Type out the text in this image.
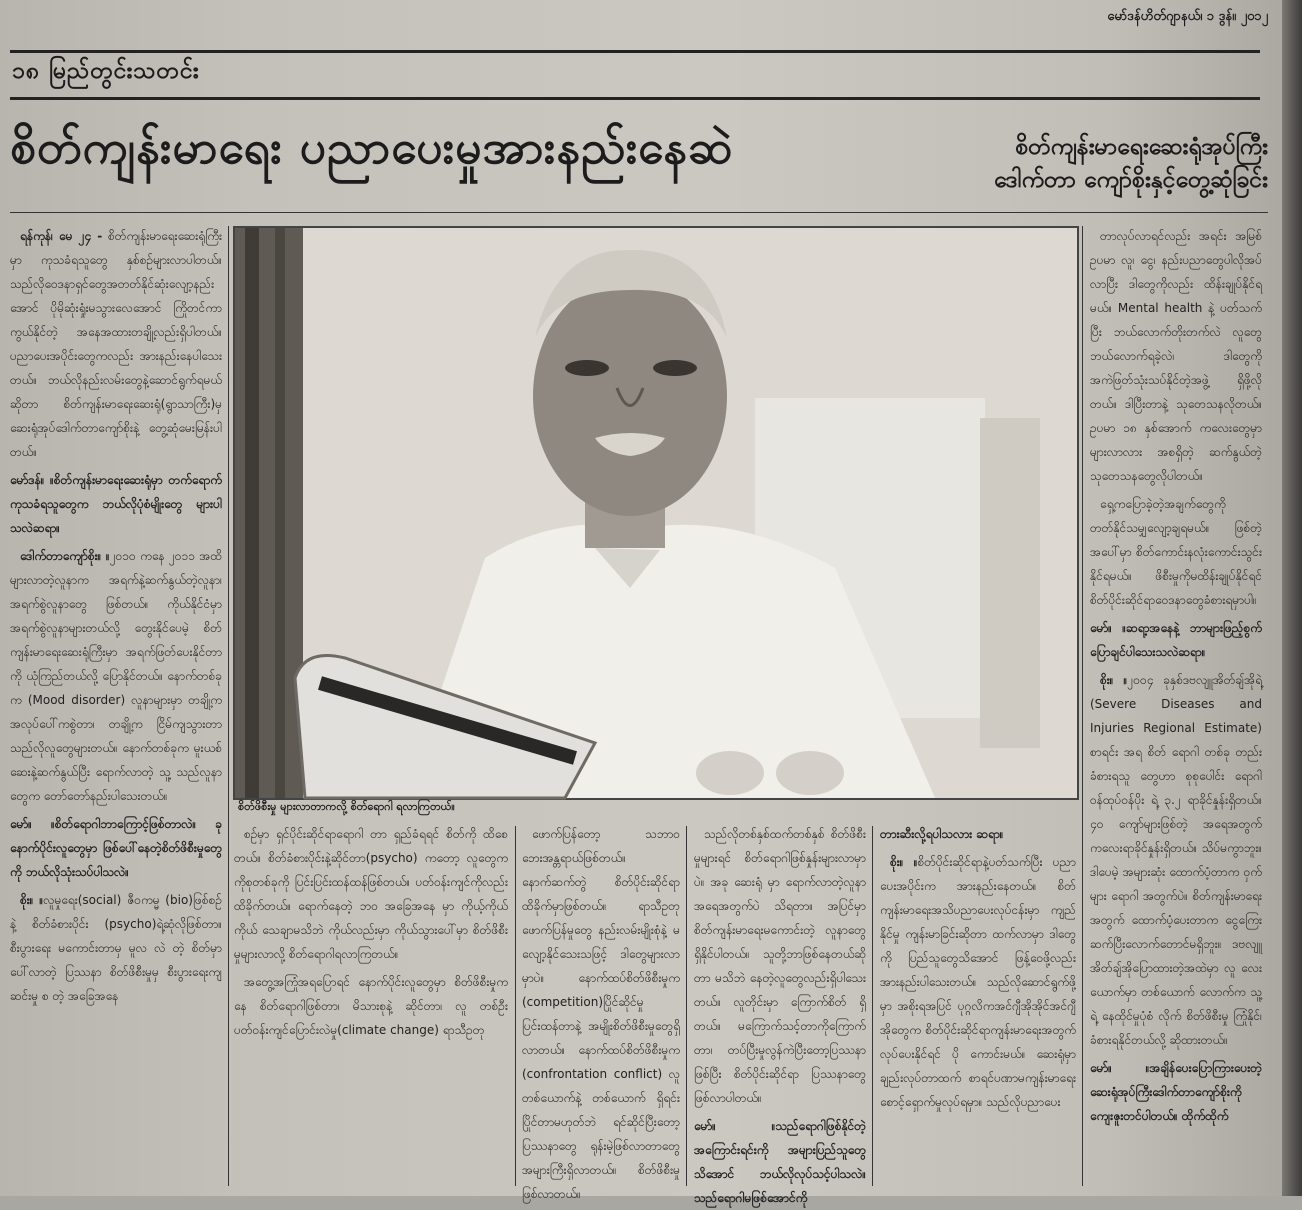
မော်ဒန်ဟိတ်ဂျာနယ်၊ ၁ ဒွန်။ ၂၀၁၂
၁၈ မြည်တွင်းသတင်း
စိတ်ကျန်းမာရေး ပညာပေးမှုအားနည်းနေဆဲ	စိတ်ကျန်းမာရေးဆေးရုံအုပ်ကြီး
ဒေါက်တာ ကျော်စိုးနှင့်တွေ့ဆုံခြင်း

ရန်ကုန်၊ မေ ၂၄ - စိတ်ကျန်းမာရေးဆေးရုံကြီးမှာ ကုသခံရသူတွေ နှစ်စဉ်များလာပါတယ်။ သည်လိုဝေဒနာရှင်တွေအတတ်နိုင်ဆုံးလျော့နည်းအောင် ပိုမိုဆုံးရှုံးမသွားလေအောင် ကြိုတင်ကာကွယ်နိုင်တဲ့ အနေအထားတချို့လည်းရှိပါတယ်။ ပညာပေးအပိုင်းတွေကလည်း အားနည်းနေပါသေးတယ်။ ဘယ်လိုနည်းလမ်းတွေနဲ့ဆောင်ရွက်ရမယ်ဆိုတာ စိတ်ကျန်းမာရေးဆေးရုံ(ရွာသာကြီး)မှ ဆေးရုံအုပ်ဒေါက်တာကျော်စိုးနဲ့ တွေ့ဆုံမေးမြန်းပါတယ်။

မော်ဒန်။ ။စိတ်ကျန်းမာရေးဆေးရုံမှာ တက်ရောက်ကုသခံရသူတွေက ဘယ်လိုပုံစံမျိုးတွေ များပါသလဲဆရာ။

ဒေါက်တာကျော်စိုး။ ။၂၀၁၀ ကနေ ၂၀၁၁ အထိများလာတဲ့လူနာက အရက်နဲ့ဆက်နွယ်တဲ့လူနာ၊ အရက်စွဲလူနာတွေ ဖြစ်တယ်။ ကိုယ်နိုင်ငံမှာ အရက်စွဲလူနာများတယ်လို့ တွေးနိုင်ပေမဲ့ စိတ်ကျန်းမာရေးဆေးရုံကြီးမှာ အရက်ဖြတ်ပေးနိုင်တာကို ယုံကြည်တယ်လို့ ပြောနိုင်တယ်။ နောက်တစ်ခုက (Mood disorder) လူနာများမှာ တချို့က အလုပ်ပေါ်ကစွဲတာ၊ တချို့က ငြိမ်ကျသွားတာ သည်လိုလူတွေများတယ်။ နောက်တစ်ခုက မူးယစ်ဆေးနဲ့ဆက်နွယ်ပြီး ရောက်လာတဲ့ သူ့ သည်လူနာတွေက တော်တော်နည်းပါသေးတယ်။

မော်။ ။စိတ်ရောဂါဘာကြောင့်ဖြစ်တာလဲ။ ခုနောက်ပိုင်းလူတွေမှာ ဖြစ်ပေါ်နေတဲ့စိတ်ဖိစီးမှုတွေကို ဘယ်လိုသုံးသပ်ပါသလဲ။

စိုး။ ။လူမှုရေး(social) ဇီဝကမ္မ (bio)ဖြစ်စဉ်နဲ့ စိတ်ခံစားပိုင်း (psycho)ရဲ့ဆုံလိုဖြစ်တာ။ စီးပွားရေး မကောင်းတာမှ မူလ လဲ တဲ့ စိတ်မှာ ပေါ်လာတဲ့ ပြဿနာ စိတ်ဖိစီးမှုမှ စီးပွားရေးကျဆင်းမှု စ တဲ့ အခြေအနေ

စိတ်ဖိစီးမှု များလာတာကလို့ စိတ်ရောဂါ ရလာကြတယ်။

စဉ်မှာ ရှင်ပိုင်းဆိုင်ရာရောဂါ တာ ရှည်ခံရရင် စိတ်ကို ထိစေတယ်။ စိတ်ခံစားပိုင်းနဲ့ဆိုင်တာ(psycho) ကတော့ လူတွေက ကိုစုတစ်ခုကို ပြင်းပြင်းထန်ထန်ဖြစ်တယ်။ ပတ်ဝန်းကျင်ကိုလည်း ထိခိုက်တယ်။ ရောက်နေတဲ့ ဘဝ အခြေအနေ မှာ ကိုယ့်ကိုယ်ကိုယ် သေချာမသိဘဲ ကိုယ်လည်းမှာ ကိုယ်သွားပေါ်မှာ စိတ်ဖိစီးမှုများလာလို့ စိတ်ရောဂါရလာကြတယ်။

အတွေ့အကြုံအရပြောရင် နောက်ပိုင်းလူတွေမှာ စိတ်ဖိစီးမှုကနေ စိတ်ရောဂါဖြစ်တာ၊ မိသားစုနဲ့ ဆိုင်တာ၊ လူ တစ်ဦး ပတ်ဝန်းကျင်ပြောင်းလဲမှု(climate change) ရာသီဥတု

ဖောက်ပြန်တော့ သဘာဝဘေးအန္တရာယ်ဖြစ်တယ်။ နောက်ဆက်တွဲ စိတ်ပိုင်းဆိုင်ရာထိခိုက်မှာဖြစ်တယ်။ ရာသီဥတုဖောက်ပြန်မှုတွေ နည်းလမ်းမျိုးစုံနဲ့ မလျော့နိုင်သေးသဖြင့် ဒါတွေများလာမှာပဲ။ နောက်ထပ်စိတ်ဖိစီးမှုက (competition)ပြိုင်ဆိုင်မှုပြင်းထန်တာနဲ့ အမျိုးစိတ်ဖိစီးမှုတွေရှိလာတယ်။ နောက်ထပ်စိတ်ဖိစီးမှုက (confrontation conflict) လူ တစ်ယောက်နဲ့ တစ်ယောက် ရှိရင်းပြိုင်တာမဟုတ်ဘဲ ရင်ဆိုင်ပြီးတော့ ပြဿနာတွေ ရုန်းမဲ့ဖြစ်လာတာတွေ အများကြီးရှိလာတယ်။ စိတ်ဖိစီးမှုဖြစ်လာတယ်။

သည်လိုတစ်နှစ်ထက်တစ်နှစ် စိတ်ဖိစီးမှုများရင် စိတ်ရောဂါဖြစ်နှုန်းများလာမှာပဲ။ အခု ဆေးရုံ မှာ ရောက်လာတဲ့လူနာအရေအတွက်ပဲ သိရတာ။ အပြင်မှာ စိတ်ကျန်းမာရေးမကောင်းတဲ့ လူနာတွေ ရှိနိုင်ပါတယ်။ သူတို့ဘာဖြစ်နေတယ်ဆိုတာ မသိဘဲ နေတဲ့လူတွေလည်းရှိပါသေးတယ်။ လူတိုင်းမှာ ကြောက်စိတ် ရှိတယ်။ မကြောက်သင့်တာကိုကြောက်တာ၊ တပ်ပြီးမှုလွန်ကဲပြီးတော့ပြဿနာ ဖြစ်ပြီး စိတ်ပိုင်းဆိုင်ရာ ပြဿနာတွေဖြစ်လာပါတယ်။

မော်။ ။သည်ရောဂါဖြစ်နိုင်တဲ့အကြောင်းရင်းကို အများပြည်သူတွေ သိအောင် ဘယ်လိုလုပ်သင့်ပါသလဲ။ သည်ရောဂါမဖြစ်အောင်ကို

တားဆီးလို့ရပါသလား ဆရာ။

စိုး။ ။စိတ်ပိုင်းဆိုင်ရာနဲ့ပတ်သက်ပြီး ပညာပေးအပိုင်းက အားနည်းနေတယ်။ စိတ်ကျန်းမာရေးအသိပညာပေးလုပ်ငန်းမှာ ကျည်နိုင်မှု ကျန်းမာခြင်းဆိုတာ ထက်လာမှာ ဒါတွေကို ပြည်သူတွေသိအောင် ဖြန့်ဝေဖို့လည်း အားနည်းပါသေးတယ်။ သည်လိုဆောင်ရွက်ဖို့မှာ အစိုးရအပြင် ပုဂ္ဂလိကအင်ဂျီအိုအိုင်အင်ဂျီအိုတွေက စိတ်ပိုင်းဆိုင်ရာကျန်းမာရေးအတွက် လုပ်ပေးနိုင်ရင် ပို ကောင်းမယ်။ ဆေးရုံမှာချည်းလုပ်တာထက် စာရင်ပဏာမကျန်းမာရေးစောင့်ရှောက်မှုလုပ်ရမှာ။ သည်လိုပညာပေး

တာလုပ်လာရင်လည်း အရင်း အမြစ် ဥပမာ လူ၊ ငွေ၊ နည်းပညာတွေပါလိုအပ် လာပြီး ဒါတွေကိုလည်း ထိန်းချုပ်နိုင်ရမယ်။ Mental health နဲ့ ပတ်သက်ပြီး ဘယ်လောက်တိုးတက်လဲ လူတွေ ဘယ်လောက်ရခဲ့လဲ၊ ဒါတွေကို အကဲဖြတ်သုံးသပ်နိုင်တဲ့အဖွဲ့ ရှိဖို့လိုတယ်။ ဒါပြီးတာနဲ့ သုတေသနလိုတယ်။ ဥပမာ ၁၈ နှစ်အောက် ကလေးတွေမှာ များလာလား အစရှိတဲ့ ဆက်နွယ်တဲ့ သုတေသနတွေလိုပါတယ်။

ရှေ့ကပြောခဲ့တဲ့အချက်တွေကို တတ်နိုင်သမျှလျော့ချရမယ်။ ဖြစ်တဲ့အပေါ်မှာ စိတ်ကောင်းနလုံးကောင်းသွင်းနိုင်ရမယ်။ ဖိစီးမှုကိုမထိန်းချုပ်နိုင်ရင် စိတ်ပိုင်းဆိုင်ရာဝေဒနာတွေခံစားရမှာပါ။

မော်။ ။ဆရာ့အနေနဲ့ ဘာများဖြည့်စွက်ပြောချင်ပါသေးသလဲဆရာ။

စိုး။ ။၂၀၀၄ ခုနှစ်ဒဗလျူအိတ်ချ်အိုရဲ့ (Severe Diseases and Injuries Regional Estimate) စာရင်း အရ စိတ် ရောဂါ တစ်ခု တည်းခံစားရသူ တွေဟာ စုစုပေါင်း ရောဂါ ဝန်ထုပ်ဝန်ပိုး ရဲ့ ၃.၂ ရာခိုင်နှုန်းရှိတယ်။ ၄၀ ကျော်များဖြစ်တဲ့ အရေအတွက်ကလေးရာခိုင်နှုန်းရှိတယ်။ သိပ်မကွာဘူး။ ဒါပေမဲ့ အများဆုံး ထောက်ပံ့တာက ဝှက်များ ရောဂါ အတွက်ပဲ။ စိတ်ကျန်းမာရေးအတွက် ထောက်ပံ့ပေးတာက ငွေကြေးဆက်ပြီးလောက်တောင်မရှိဘူး။ ဒဗလျူအိတ်ချ်အိုပြောထားတဲ့အထဲမှာ လူ လေး ယောက်မှာ တစ်ယောက် လောက်က သူ့ရဲ့ နေထိုင်မှုပုံစံ လိုက် စိတ်ဖိစီးမှု ကြုံနိုင်၊ ခံစားရနိုင်တယ်လို့ ဆိုထားတယ်။

မော်။ ။အချိန်ပေးပြောကြားပေးတဲ့ ဆေးရုံအုပ်ကြီးဒေါက်တာကျော်စိုးကို ကျေးဇူးတင်ပါတယ်။ ထိုက်ထိုက်
